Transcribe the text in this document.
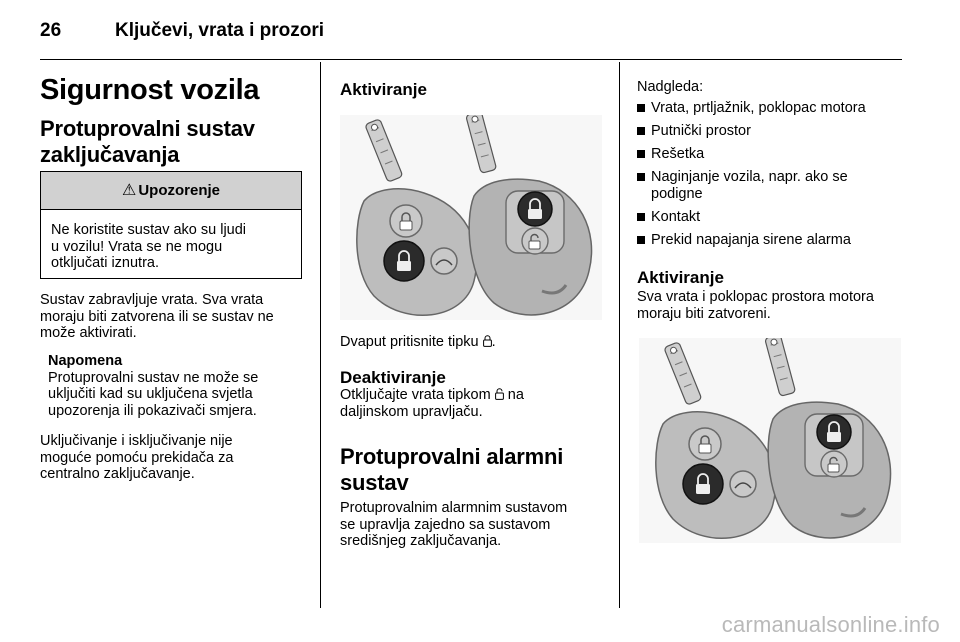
26	Ključevi, vrata i prozori
Sigurnost vozila
Protuprovalni sustav
zaključavanja
⚠ Upozorenje
Ne koristite sustav ako su ljudi
u vozilu! Vrata se ne mogu
otključati iznutra.
Sustav zabravljuje vrata. Sva vrata
moraju biti zatvorena ili se sustav ne
može aktivirati.
Napomena
Protuprovalni sustav ne može se
uključiti kad su uključena svjetla
upozorenja ili pokazivači smjera.
Uključivanje i isključivanje nije
moguće pomoću prekidača za
centralno zaključavanje.
Aktiviranje
Dvaput pritisnite tipku .
Deaktiviranje
Otključajte vrata tipkom na
daljinskom upravljaču.
Protuprovalni alarmni
sustav
Protuprovalnim alarmnim sustavom
se upravlja zajedno sa sustavom
središnjeg zaključavanja.
Nadgleda:
Vrata, prtljažnik, poklopac motora
Putnički prostor
Rešetka
Naginjanje vozila, napr. ako se
podigne
Kontakt
Prekid napajanja sirene alarma
Aktiviranje
Sva vrata i poklopac prostora motora
moraju biti zatvoreni.
carmanualsonline.info
